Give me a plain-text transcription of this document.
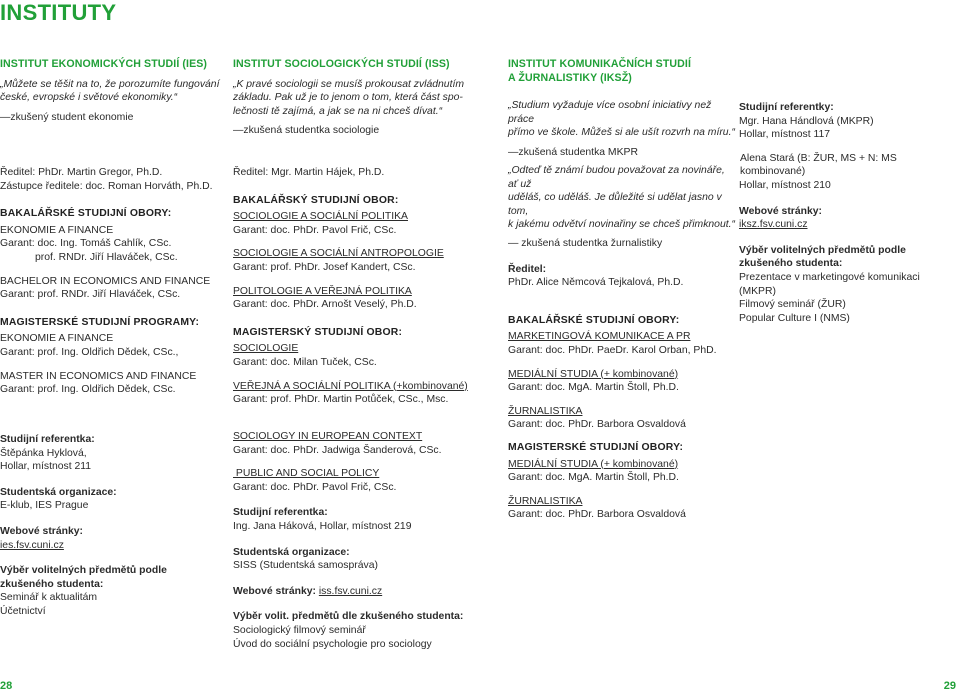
INSTITUTY
INSTITUT EKONOMICKÝCH STUDIÍ (IES)
„Můžete se těšit na to, že porozumíte fungování
české, evropské i světové ekonomiky.“
—zkušený student ekonomie
Ředitel: PhDr. Martin Gregor, Ph.D.
Zástupce ředitele: doc. Roman Horváth, Ph.D.
BAKALÁŘSKÉ STUDIJNÍ OBORY:
EKONOMIE A FINANCE
Garant: doc. Ing. Tomáš Cahlík, CSc.
prof. RNDr. Jiří Hlaváček, CSc.
BACHELOR IN ECONOMICS AND FINANCE
Garant: prof. RNDr. Jiří Hlaváček, CSc.
MAGISTERSKÉ STUDIJNÍ PROGRAMY:
EKONOMIE A FINANCE
Garant: prof. Ing. Oldřich Dědek, CSc.,
MASTER IN ECONOMICS AND FINANCE
Garant: prof. Ing. Oldřich Dědek, CSc.
Studijní referentka:
Štěpánka Hyklová,
Hollar, místnost 211
Studentská organizace:
E-klub, IES Prague
Webové stránky:
ies.fsv.cuni.cz
Výběr volitelných předmětů podle
zkušeného studenta:
Seminář k aktualitám
Účetnictví
INSTITUT SOCIOLOGICKÝCH STUDIÍ (ISS)
„K pravé sociologii se musíš prokousat zvládnutím
základu. Pak už je to jenom o tom, která část spo-
lečnosti tě zajímá, a jak se na ni chceš dívat.“
—zkušená studentka sociologie
Ředitel: Mgr. Martin Hájek, Ph.D.
BAKALÁŘSKÝ STUDIJNÍ OBOR:
SOCIOLOGIE A SOCIÁLNÍ POLITIKA
Garant: doc. PhDr. Pavol Frič, CSc.
SOCIOLOGIE A SOCIÁLNÍ ANTROPOLOGIE
Garant: prof. PhDr. Josef Kandert, CSc.
POLITOLOGIE A VEŘEJNÁ POLITIKA
Garant: doc. PhDr. Arnošt Veselý, Ph.D.
MAGISTERSKÝ STUDIJNÍ OBOR:
SOCIOLOGIE
Garant: doc. Milan Tuček, CSc.
VEŘEJNÁ A SOCIÁLNÍ POLITIKA (+kombinované)
Garant: prof. PhDr. Martin Potůček, CSc., Msc.
SOCIOLOGY IN EUROPEAN CONTEXT
Garant: doc. PhDr. Jadwiga Šanderová, CSc.
PUBLIC AND SOCIAL POLICY
Garant: doc. PhDr. Pavol Frič, CSc.
Studijní referentka:
Ing. Jana Háková, Hollar, místnost 219
Studentská organizace:
SISS (Studentská samospráva)
Webové stránky: iss.fsv.cuni.cz
Výběr volit. předmětů dle zkušeného studenta:
Sociologický filmový seminář
Úvod do sociální psychologie pro sociology
INSTITUT KOMUNIKAČNÍCH STUDIÍ
A ŽURNALISTIKY (IKSŽ)
„Studium vyžaduje více osobní iniciativy než práce
přímo ve škole. Můžeš si ale ušít rozvrh na míru.“
—zkušená studentka MKPR
„Odteď tě známí budou považovat za novináře, ať už
uděláš, co uděláš. Je důležité si udělat jasno v tom,
k jakému odvětví novinařiny se chceš přimknout.“
— zkušená studentka žurnalistiky
Ředitel:
PhDr. Alice Němcová Tejkalová, Ph.D.
BAKALÁŘSKÉ STUDIJNÍ OBORY:
MARKETINGOVÁ KOMUNIKACE A PR
Garant: doc. PhDr. PaeDr. Karol Orban, PhD.
MEDIÁLNÍ STUDIA (+ kombinované)
Garant: doc. MgA. Martin Štoll, Ph.D.
ŽURNALISTIKA
Garant: doc. PhDr. Barbora Osvaldová
MAGISTERSKÉ STUDIJNÍ OBORY:
MEDIÁLNÍ STUDIA (+ kombinované)
Garant: doc. MgA. Martin Štoll, Ph.D.
ŽURNALISTIKA
Garant: doc. PhDr. Barbora Osvaldová
Studijní referentky:
Mgr. Hana Hándlová (MKPR)
Hollar, místnost 117
Alena Stará (B: ŽUR, MS + N: MS kombinované)
Hollar, místnost 210
Webové stránky:
iksz.fsv.cuni.cz
Výběr volitelných předmětů podle
zkušeného studenta:
Prezentace v marketingové komunikaci (MKPR)
Filmový seminář (ŽUR)
Popular Culture I (NMS)
28	29
